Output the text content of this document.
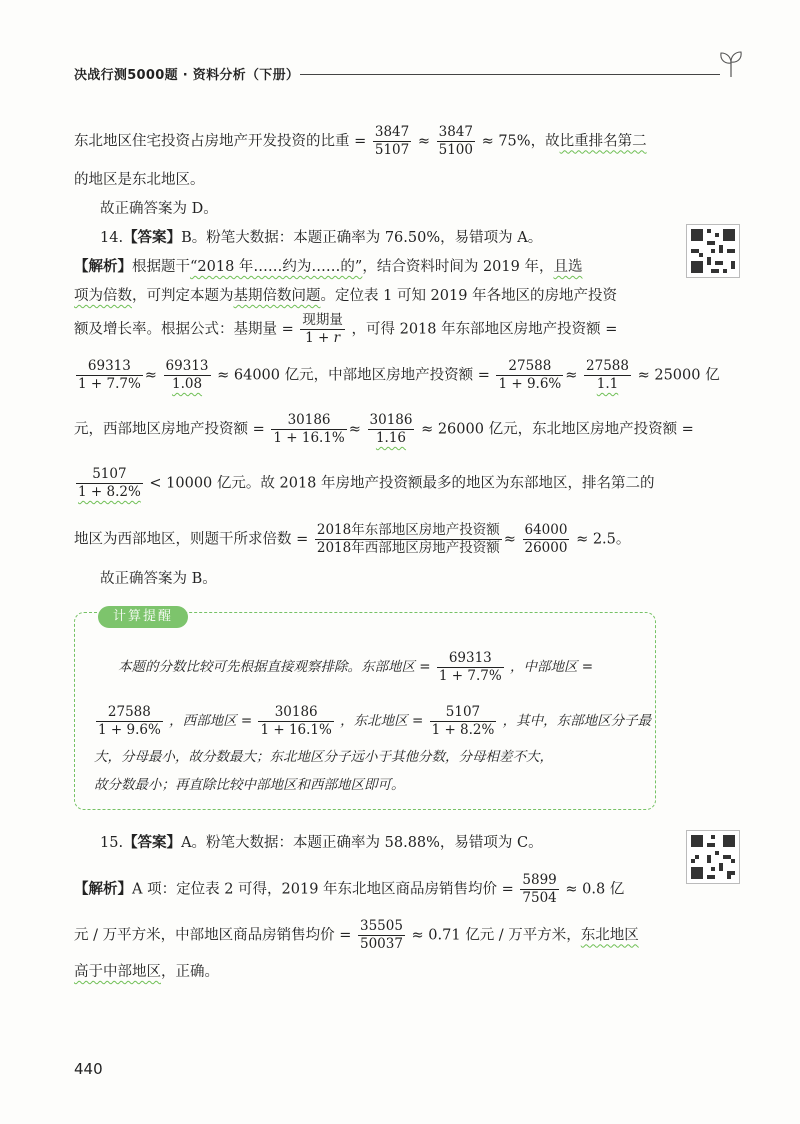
决战行测5000题 · 资料分析（下册）
东北地区住宅投资占房地产开发投资的比重 = $\frac{3847}{5107} \approx \frac{3847}{5100} \approx 75\%$，故比重排名第二
的地区是东北地区。
故正确答案为 D。
14.【答案】B。粉笔大数据：本题正确率为 76.50%，易错项为 A。
【解析】根据题干“2018 年……约为……的”，结合资料时间为 2019 年，且选
项为倍数，可判定本题为基期倍数问题。定位表 1 可知 2019 年各地区的房地产投资
额及增长率。根据公式：基期量 = $\frac{\text{现期量}}{1 + r}$ ，可得 2018 年东部地区房地产投资额 =
$\frac{69313}{1 + 7.7\%} \approx \frac{69313}{1.08} \approx 64000$ 亿元，中部地区房地产投资额 = $\frac{27588}{1 + 9.6\%} \approx \frac{27588}{1.1} \approx 25000$ 亿
元，西部地区房地产投资额 = $\frac{30186}{1 + 16.1\%} \approx \frac{30186}{1.16} \approx 26000$ 亿元，东北地区房地产投资额 =
$\frac{5107}{1 + 8.2\%} < 10000$ 亿元。故 2018 年房地产投资额最多的地区为东部地区，排名第二的
地区为西部地区，则题干所求倍数 = $\frac{\text{2018年东部地区房地产投资额}}{\text{2018年西部地区房地产投资额}} \approx \frac{64000}{26000} \approx 2.5$。
故正确答案为 B。
计算提醒
本题的分数比较可先根据直接观察排除。东部地区 = $\frac{69313}{1 + 7.7\%}$ ，中部地区 =
$\frac{27588}{1 + 9.6\%}$ ，西部地区 = $\frac{30186}{1 + 16.1\%}$ ，东北地区 = $\frac{5107}{1 + 8.2\%}$ ，其中，东部地区分子最
大，分母最小，故分数最大；东北地区分子远小于其他分数，分母相差不大，
故分数最小；再直除比较中部地区和西部地区即可。
15.【答案】A。粉笔大数据：本题正确率为 58.88%，易错项为 C。
【解析】A 项：定位表 2 可得，2019 年东北地区商品房销售均价 = $\frac{5899}{7504} \approx 0.8$ 亿
元 / 万平方米，中部地区商品房销售均价 = $\frac{35505}{50037} \approx 0.71$ 亿元 / 万平方米，东北地区
高于中部地区，正确。
440
